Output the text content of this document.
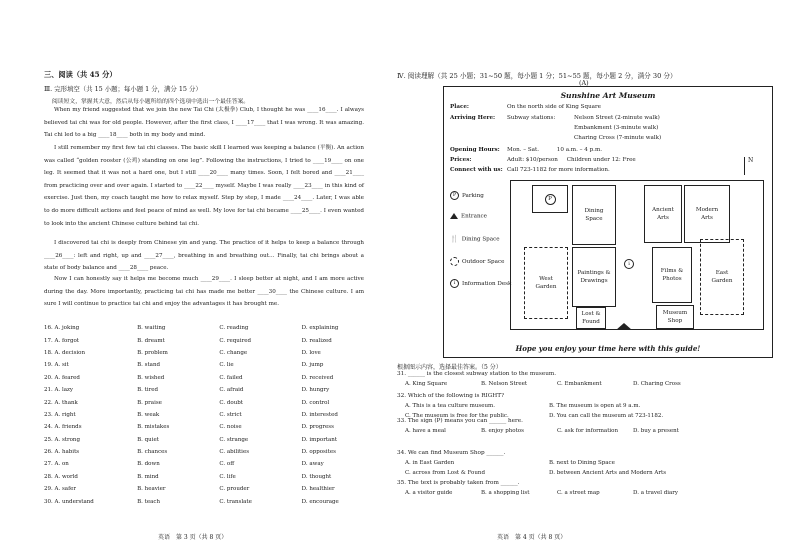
三、阅读（共 45 分）
Ⅲ. 完形填空（共 15 小题；每小题 1 分，满分 15 分）
阅读短文，掌握其大意，然后从每小题所给的四个选项中选出一个最佳答案。

When my friend suggested that we join the new Tai Chi (太极拳) Club, I thought he was ____16____. I always believed tai chi was for old people. However, after the first class, I ____17____ that I was wrong. It was amazing. Tai chi led to a big ____18____ both in my body and mind.

I still remember my first few tai chi classes. The basic skill I learned was keeping a balance (平衡). An action was called “golden rooster (公鸡) standing on one leg”. Following the instructions, I tried to ____19____ on one leg. It seemed that it was not a hard one, but I still ____20____ many times. Soon, I felt bored and ____21____ from practicing over and over again. I started to ____22____ myself. Maybe I was really ____23____ in this kind of exercise. Just then, my coach taught me how to relax myself. Step by step, I made ____24____. Later, I was able to do more difficult actions and feel peace of mind as well. My love for tai chi became ____25____. I even wanted to look into the ancient Chinese culture behind tai chi.

I discovered tai chi is deeply from Chinese yin and yang. The practice of it helps to keep a balance through ____26____: left and right, up and ____27____, breathing in and breathing out… Finally, tai chi brings about a state of body balance and ____28____ peace.

Now I can honestly say it helps me become much ____29____. I sleep better at night, and I am more active during the day. More importantly, practicing tai chi has made me better ____30____ the Chinese culture. I am sure I will continue to practice tai chi and enjoy the advantages it has brought me.

16. A. joking	B. waiting	C. reading	D. explaining
17. A. forgot	B. dreamt	C. required	D. realized
18. A. decision	B. problem	C. change	D. love
19. A. sit	B. stand	C. lie	D. jump
20. A. feared	B. wished	C. failed	D. received
21. A. lazy	B. tired	C. afraid	D. hungry
22. A. thank	B. praise	C. doubt	D. control
23. A. right	B. weak	C. strict	D. interested
24. A. friends	B. mistakes	C. noise	D. progress
25. A. strong	B. quiet	C. strange	D. important
26. A. habits	B. chances	C. abilities	D. opposites
27. A. on	B. down	C. off	D. away
28. A. world	B. mind	C. life	D. thought
29. A. safer	B. heavier	C. prouder	D. healthier
30. A. understand	B. teach	C. translate	D. encourage
英语　第 3 页（共 8 页）
Ⅳ. 阅读理解（共 25 小题；31~50 题，每小题 1 分；51~55 题，每小题 2 分，满分 30 分）
(A)
Sunshine Art Museum
Place:	On the north side of King Square
Arriving Here: Subway stations:	Nelson Street (2-minute walk)
Embankment (3-minute walk)
Charing Cross (7-minute walk)
Opening Hours: Mon. – Sat.          10 a.m. – 4 p.m.
Prices:	Adult: $10/person     Children under 12: Free
Connect with us: Call 723-1182 for more information.
P Parking
Entrance
🍴 Dining Space
Outdoor Space
i Information Desk
P
Dining Space
Ancient Arts
Modern Arts
West Garden
Paintings & Drawings
i
Films & Photos
East Garden
Lost & Found
Museum Shop
N
Hope you enjoy your time here with this guide!
根据图示内容，选择最佳答案。（5 分）
31. ______ is the closest subway station to the museum.
A. King Square	B. Nelson Street	C. Embankment	D. Charing Cross
32. Which of the following is RIGHT?
A. This is a tea culture museum.	B. The museum is open at 9 a.m.
C. The museum is free for the public.	D. You can call the museum at 723-1182.
33. The sign (P) means you can ______ here.
A. have a meal	B. enjoy photos	C. ask for information	D. buy a present
34. We can find Museum Shop ______.
A. in East Garden	B. next to Dining Space
C. across from Lost & Found	D. between Ancient Arts and Modern Arts
35. The text is probably taken from ______.
A. a visitor guide	B. a shopping list	C. a street map	D. a travel diary
英语　第 4 页（共 8 页）
